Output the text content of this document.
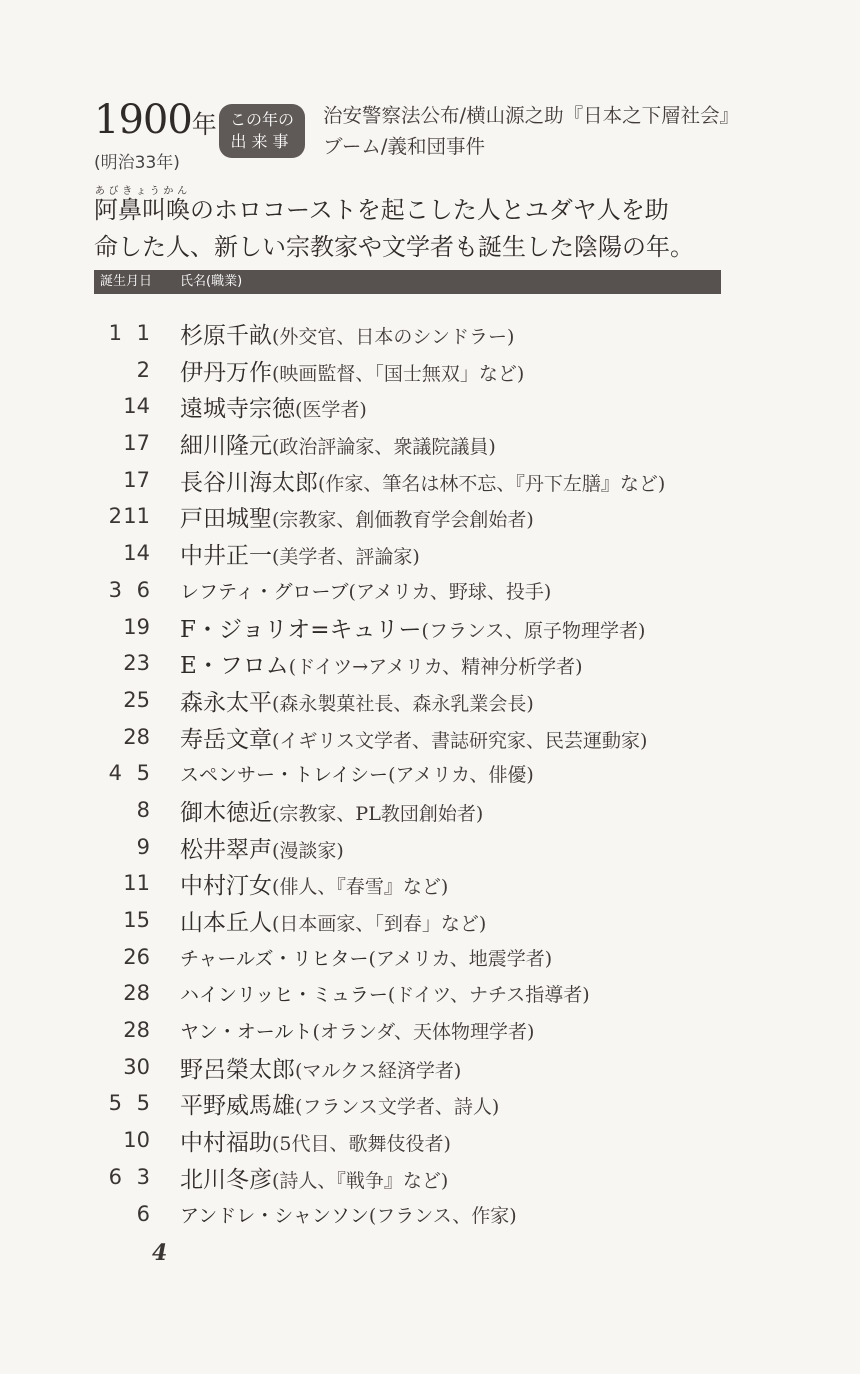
1900年
(明治33年)
この年の
出来事
治安警察法公布/横山源之助『日本之下層社会』ブーム/義和団事件
阿鼻叫喚あびきょうかんのホロコーストを起こした人とユダヤ人を助
命した人、新しい宗教家や文学者も誕生した陰陽の年。
誕生月日 氏名(職業)
1 1 杉原千畝(外交官、日本のシンドラー)
2 伊丹万作(映画監督、「国士無双」など)
14 遠城寺宗徳(医学者)
17 細川隆元(政治評論家、衆議院議員)
17 長谷川海太郎(作家、筆名は林不忘、『丹下左膳』など)
2 11 戸田城聖(宗教家、創価教育学会創始者)
14 中井正一(美学者、評論家)
3 6 レフティ・グローブ(アメリカ、野球、投手)
19 F・ジョリオ=キュリー(フランス、原子物理学者)
23 E・フロム(ドイツ→アメリカ、精神分析学者)
25 森永太平(森永製菓社長、森永乳業会長)
28 寿岳文章(イギリス文学者、書誌研究家、民芸運動家)
4 5 スペンサー・トレイシー(アメリカ、俳優)
8 御木徳近(宗教家、PL教団創始者)
9 松井翠声(漫談家)
11 中村汀女(俳人、『春雪』など)
15 山本丘人(日本画家、「到春」など)
26 チャールズ・リヒター(アメリカ、地震学者)
28 ハインリッヒ・ミュラー(ドイツ、ナチス指導者)
28 ヤン・オールト(オランダ、天体物理学者)
30 野呂榮太郎(マルクス経済学者)
5 5 平野威馬雄(フランス文学者、詩人)
10 中村福助(5代目、歌舞伎役者)
6 3 北川冬彦(詩人、『戦争』など)
6 アンドレ・シャンソン(フランス、作家)
4
